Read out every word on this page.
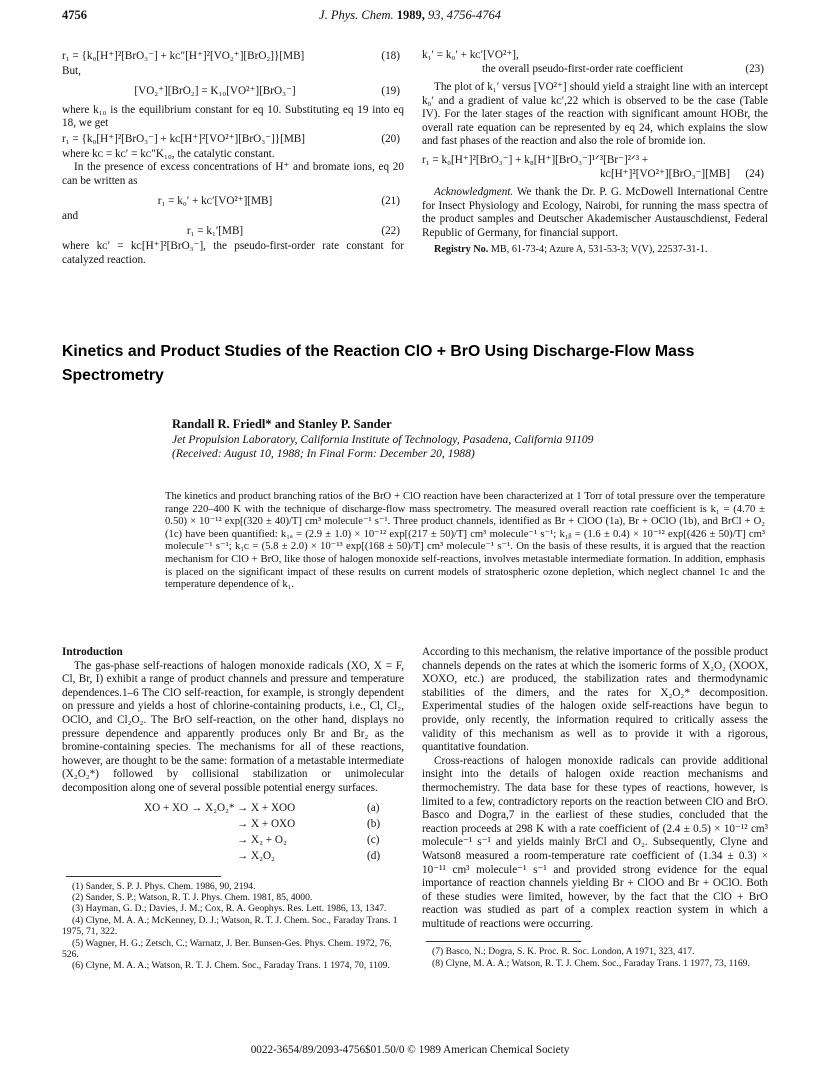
4756	J. Phys. Chem. 1989, 93, 4756-4764
r₁ = {k₀[H⁺]²[BrO₃⁻] + kᴄ″[H⁺]²[VO₂⁺][BrO₂]}[MB]	(18)

But,

[VO₂⁺][BrO₂] = K₁₀[VO²⁺][BrO₃⁻]	(19)

where k₁₀ is the equilibrium constant for eq 10. Substituting eq 19 into eq 18, we get

r₁ = {k₀[H⁺]²[BrO₃⁻] + kᴄ[H⁺]²[VO²⁺][BrO₃⁻]}[MB]	(20)

where kᴄ = kᴄ′ = kᴄ″K₁₀, the catalytic constant.

In the presence of excess concentrations of H⁺ and bromate ions, eq 20 can be written as

r₁ = k₀′ + kᴄ′[VO²⁺][MB]	(21)

and

r₁ = k₁′[MB]	(22)

where kᴄ′ = kᴄ[H⁺]²[BrO₃⁻], the pseudo-first-order rate constant for catalyzed reaction.

k₁′ = k₀′ + kᴄ′[VO²⁺],
the overall pseudo-first-order rate coefficient	(23)

The plot of k₁′ versus [VO²⁺] should yield a straight line with an intercept k₀′ and a gradient of value kᴄ′,22 which is observed to be the case (Table IV). For the later stages of the reaction with significant amount HOBr, the overall rate equation can be represented by eq 24, which explains the slow and fast phases of the reaction and also the role of bromide ion.

r₁ = k₀[H⁺]²[BrO₃⁻] + k₈[H⁺][BrO₃⁻]¹ᐟ³[Br⁻]²ᐟ³ +
kᴄ[H⁺]²[VO²⁺][BrO₃⁻][MB] (24)

Acknowledgment. We thank the Dr. P. G. McDowell International Centre for Insect Physiology and Ecology, Nairobi, for running the mass spectra of the product samples and Deutscher Akademischer Austauschdienst, Federal Republic of Germany, for financial support.

Registry No. MB, 61-73-4; Azure A, 531-53-3; V(V), 22537-31-1.

Kinetics and Product Studies of the Reaction ClO + BrO Using Discharge-Flow Mass
Spectrometry
Randall R. Friedl* and Stanley P. Sander
Jet Propulsion Laboratory, California Institute of Technology, Pasadena, California 91109
(Received: August 10, 1988; In Final Form: December 20, 1988)
The kinetics and product branching ratios of the BrO + ClO reaction have been characterized at 1 Torr of total pressure over the temperature range 220–400 K with the technique of discharge-flow mass spectrometry. The measured overall reaction rate coefficient is k₁ = (4.70 ± 0.50) × 10⁻¹² exp[(320 ± 40)/T] cm³ molecule⁻¹ s⁻¹. Three product channels, identified as Br + ClOO (1a), Br + OClO (1b), and BrCl + O₂ (1c) have been quantified: k₁ₐ = (2.9 ± 1.0) × 10⁻¹² exp[(217 ± 50)/T] cm³ molecule⁻¹ s⁻¹; k₁ᵦ = (1.6 ± 0.4) × 10⁻¹² exp[(426 ± 50)/T] cm³ molecule⁻¹ s⁻¹; k₁ᴄ = (5.8 ± 2.0) × 10⁻¹³ exp[(168 ± 50)/T] cm³ molecule⁻¹ s⁻¹. On the basis of these results, it is argued that the reaction mechanism for ClO + BrO, like those of halogen monoxide self-reactions, involves metastable intermediate formation. In addition, emphasis is placed on the significant impact of these results on current models of stratospheric ozone depletion, which neglect channel 1c and the temperature dependence of k₁.
Introduction

The gas-phase self-reactions of halogen monoxide radicals (XO, X = F, Cl, Br, I) exhibit a range of product channels and pressure and temperature dependences.1–6 The ClO self-reaction, for example, is strongly dependent on pressure and yields a host of chlorine-containing products, i.e., Cl, Cl₂, OClO, and Cl₂O₂. The BrO self-reaction, on the other hand, displays no pressure dependence and apparently produces only Br and Br₂ as the bromine-containing species. The mechanisms for all of these reactions, however, are thought to be the same: formation of a metastable intermediate (X₂O₂*) followed by collisional stabilization or unimolecular decomposition along one of several possible potential energy surfaces.

XO + XO → X₂O₂* → X + XOO	(a)
→ X + OXO	(b)
→ X₂ + O₂	(c)
→ X₂O₂	(d)
(1) Sander, S. P. J. Phys. Chem. 1986, 90, 2194.
(2) Sander, S. P.; Watson, R. T. J. Phys. Chem. 1981, 85, 4000.
(3) Hayman, G. D.; Davies, J. M.; Cox, R. A. Geophys. Res. Lett. 1986, 13, 1347.
(4) Clyne, M. A. A.; McKenney, D. J.; Watson, R. T. J. Chem. Soc., Faraday Trans. 1 1975, 71, 322.
(5) Wagner, H. G.; Zetsch, C.; Warnatz, J. Ber. Bunsen-Ges. Phys. Chem. 1972, 76, 526.
(6) Clyne, M. A. A.; Watson, R. T. J. Chem. Soc., Faraday Trans. 1 1974, 70, 1109.

According to this mechanism, the relative importance of the possible product channels depends on the rates at which the isomeric forms of X₂O₂ (XOOX, XOXO, etc.) are produced, the stabilization rates and thermodynamic stabilities of the dimers, and the rates for X₂O₂* decomposition. Experimental studies of the halogen oxide self-reactions have begun to provide, only recently, the information required to critically assess the validity of this mechanism as well as to provide it with a rigorous, quantitative foundation.

Cross-reactions of halogen monoxide radicals can provide additional insight into the details of halogen oxide reaction mechanisms and thermochemistry. The data base for these types of reactions, however, is limited to a few, contradictory reports on the reaction between ClO and BrO. Basco and Dogra,7 in the earliest of these studies, concluded that the reaction proceeds at 298 K with a rate coefficient of (2.4 ± 0.5) × 10⁻¹² cm³ molecule⁻¹ s⁻¹ and yields mainly BrCl and O₂. Subsequently, Clyne and Watson8 measured a room-temperature rate coefficient of (1.34 ± 0.3) × 10⁻¹¹ cm³ molecule⁻¹ s⁻¹ and provided strong evidence for the equal importance of reaction channels yielding Br + ClOO and Br + OClO. Both of these studies were limited, however, by the fact that the ClO + BrO reaction was studied as part of a complex reaction system in which a multitude of reactions were occurring.

(7) Basco, N.; Dogra, S. K. Proc. R. Soc. London, A 1971, 323, 417.
(8) Clyne, M. A. A.; Watson, R. T. J. Chem. Soc., Faraday Trans. 1 1977, 73, 1169.
0022-3654/89/2093-4756$01.50/0 © 1989 American Chemical Society
